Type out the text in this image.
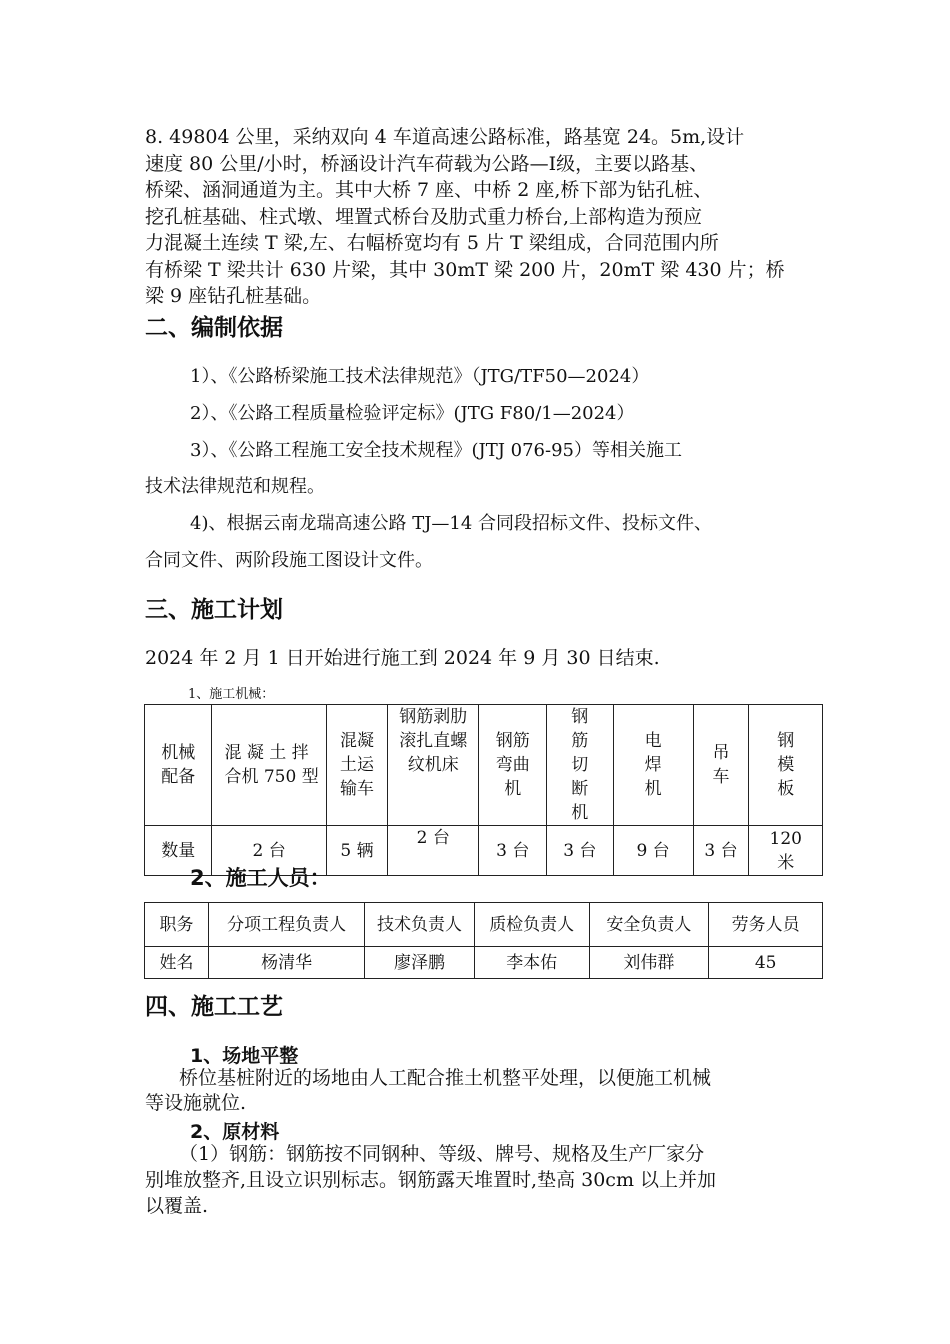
8. 49804 公里，采纳双向 4 车道高速公路标准，路基宽 24。5m,设计
速度 80 公里/小时，桥涵设计汽车荷载为公路—Ⅰ级，主要以路基、
桥梁、涵洞通道为主。其中大桥 7 座、中桥 2 座,桥下部为钻孔桩、
挖孔桩基础、柱式墩、埋置式桥台及肋式重力桥台,上部构造为预应
力混凝土连续 T 梁,左、右幅桥宽均有 5 片 T 梁组成，合同范围内所
有桥梁 T 梁共计 630 片梁，其中 30mT 梁 200 片，20mT 梁 430 片；桥
梁 9 座钻孔桩基础。
二、编制依据

1）、《公路桥梁施工技术法律规范》（JTG/TF50—2024）

2）、《公路工程质量检验评定标》(JTG F80/1—2024）

3）、《公路工程施工安全技术规程》(JTJ 076-95）等相关施工

技术法律规范和规程。

4)、根据云南龙瑞高速公路 TJ—14 合同段招标文件、投标文件、

合同文件、两阶段施工图设计文件。

三、施工计划

2024 年 2 月 1 日开始进行施工到 2024 年 9 月 30 日结束.

1、施工机械：

机械配备	混 凝 土 拌 合机 750 型	混凝土运输车	钢筋剥肋滚扎直螺纹机床	钢筋弯曲机	钢筋切断机	电焊机	吊车	钢模板
数量	2 台	5 辆	2 台	3 台	3 台	9 台	3 台	120米

2、施工人员：

职务	分项工程负责人	技术负责人	质检负责人	安全负责人	劳务人员
姓名	杨清华	廖泽鹏	李本佑	刘伟群	45
四、施工工艺

1、场地平整

桥位基桩附近的场地由人工配合推土机整平处理，以便施工机械
等设施就位.

2、原材料

（1）钢筋：钢筋按不同钢种、等级、牌号、规格及生产厂家分
别堆放整齐,且设立识别标志。钢筋露天堆置时,垫高 30cm 以上并加
以覆盖.
